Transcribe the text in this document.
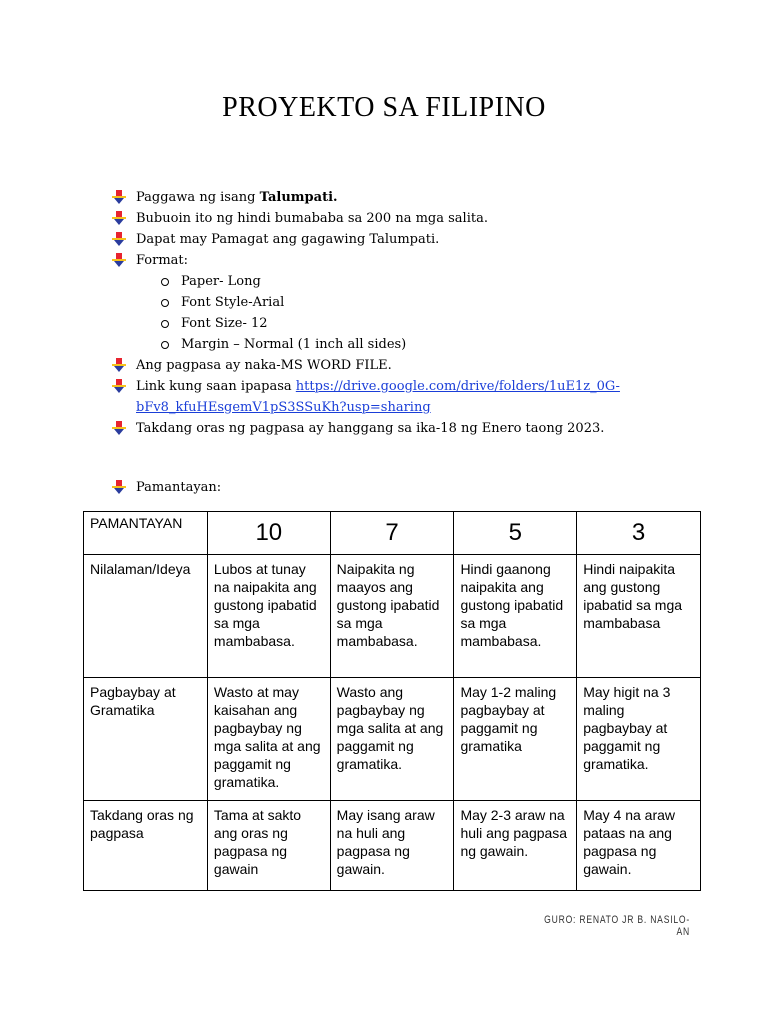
PROYEKTO SA FILIPINO
Paggawa ng isang Talumpati.
Bubuoin ito ng hindi bumababa sa 200 na mga salita.
Dapat may Pamagat ang gagawing Talumpati.
Format:
Paper- Long
Font Style-Arial
Font Size- 12
Margin – Normal (1 inch all sides)
Ang pagpasa ay naka-MS WORD FILE.
Link kung saan ipapasa https://drive.google.com/drive/folders/1uE1z_0G-
bFv8_kfuHEsgemV1pS3SSuKh?usp=sharing
Takdang oras ng pagpasa ay hanggang sa ika-18 ng Enero taong 2023.
Pamantayan:
PAMANTAYAN	10	7	5	3
Nilalaman/Ideya	Lubos at tunay na naipakita ang gustong ipabatid sa mga mambabasa.	Naipakita ng maayos ang gustong ipabatid sa mga mambabasa.	Hindi gaanong naipakita ang gustong ipabatid sa mga mambabasa.	Hindi naipakita ang gustong ipabatid sa mga mambabasa
Pagbaybay at Gramatika	Wasto at may kaisahan ang pagbaybay ng mga salita at ang paggamit ng gramatika.	Wasto ang pagbaybay ng mga salita at ang paggamit ng gramatika.	May 1-2 maling pagbaybay at paggamit ng gramatika	May higit na 3 maling pagbaybay at paggamit ng gramatika.
Takdang oras ng pagpasa	Tama at sakto ang oras ng pagpasa ng gawain	May isang araw na huli ang pagpasa ng gawain.	May 2-3 araw na huli ang pagpasa ng gawain.	May 4 na araw pataas na ang pagpasa ng gawain.
GURO: RENATO JR B. NASILO-AN
